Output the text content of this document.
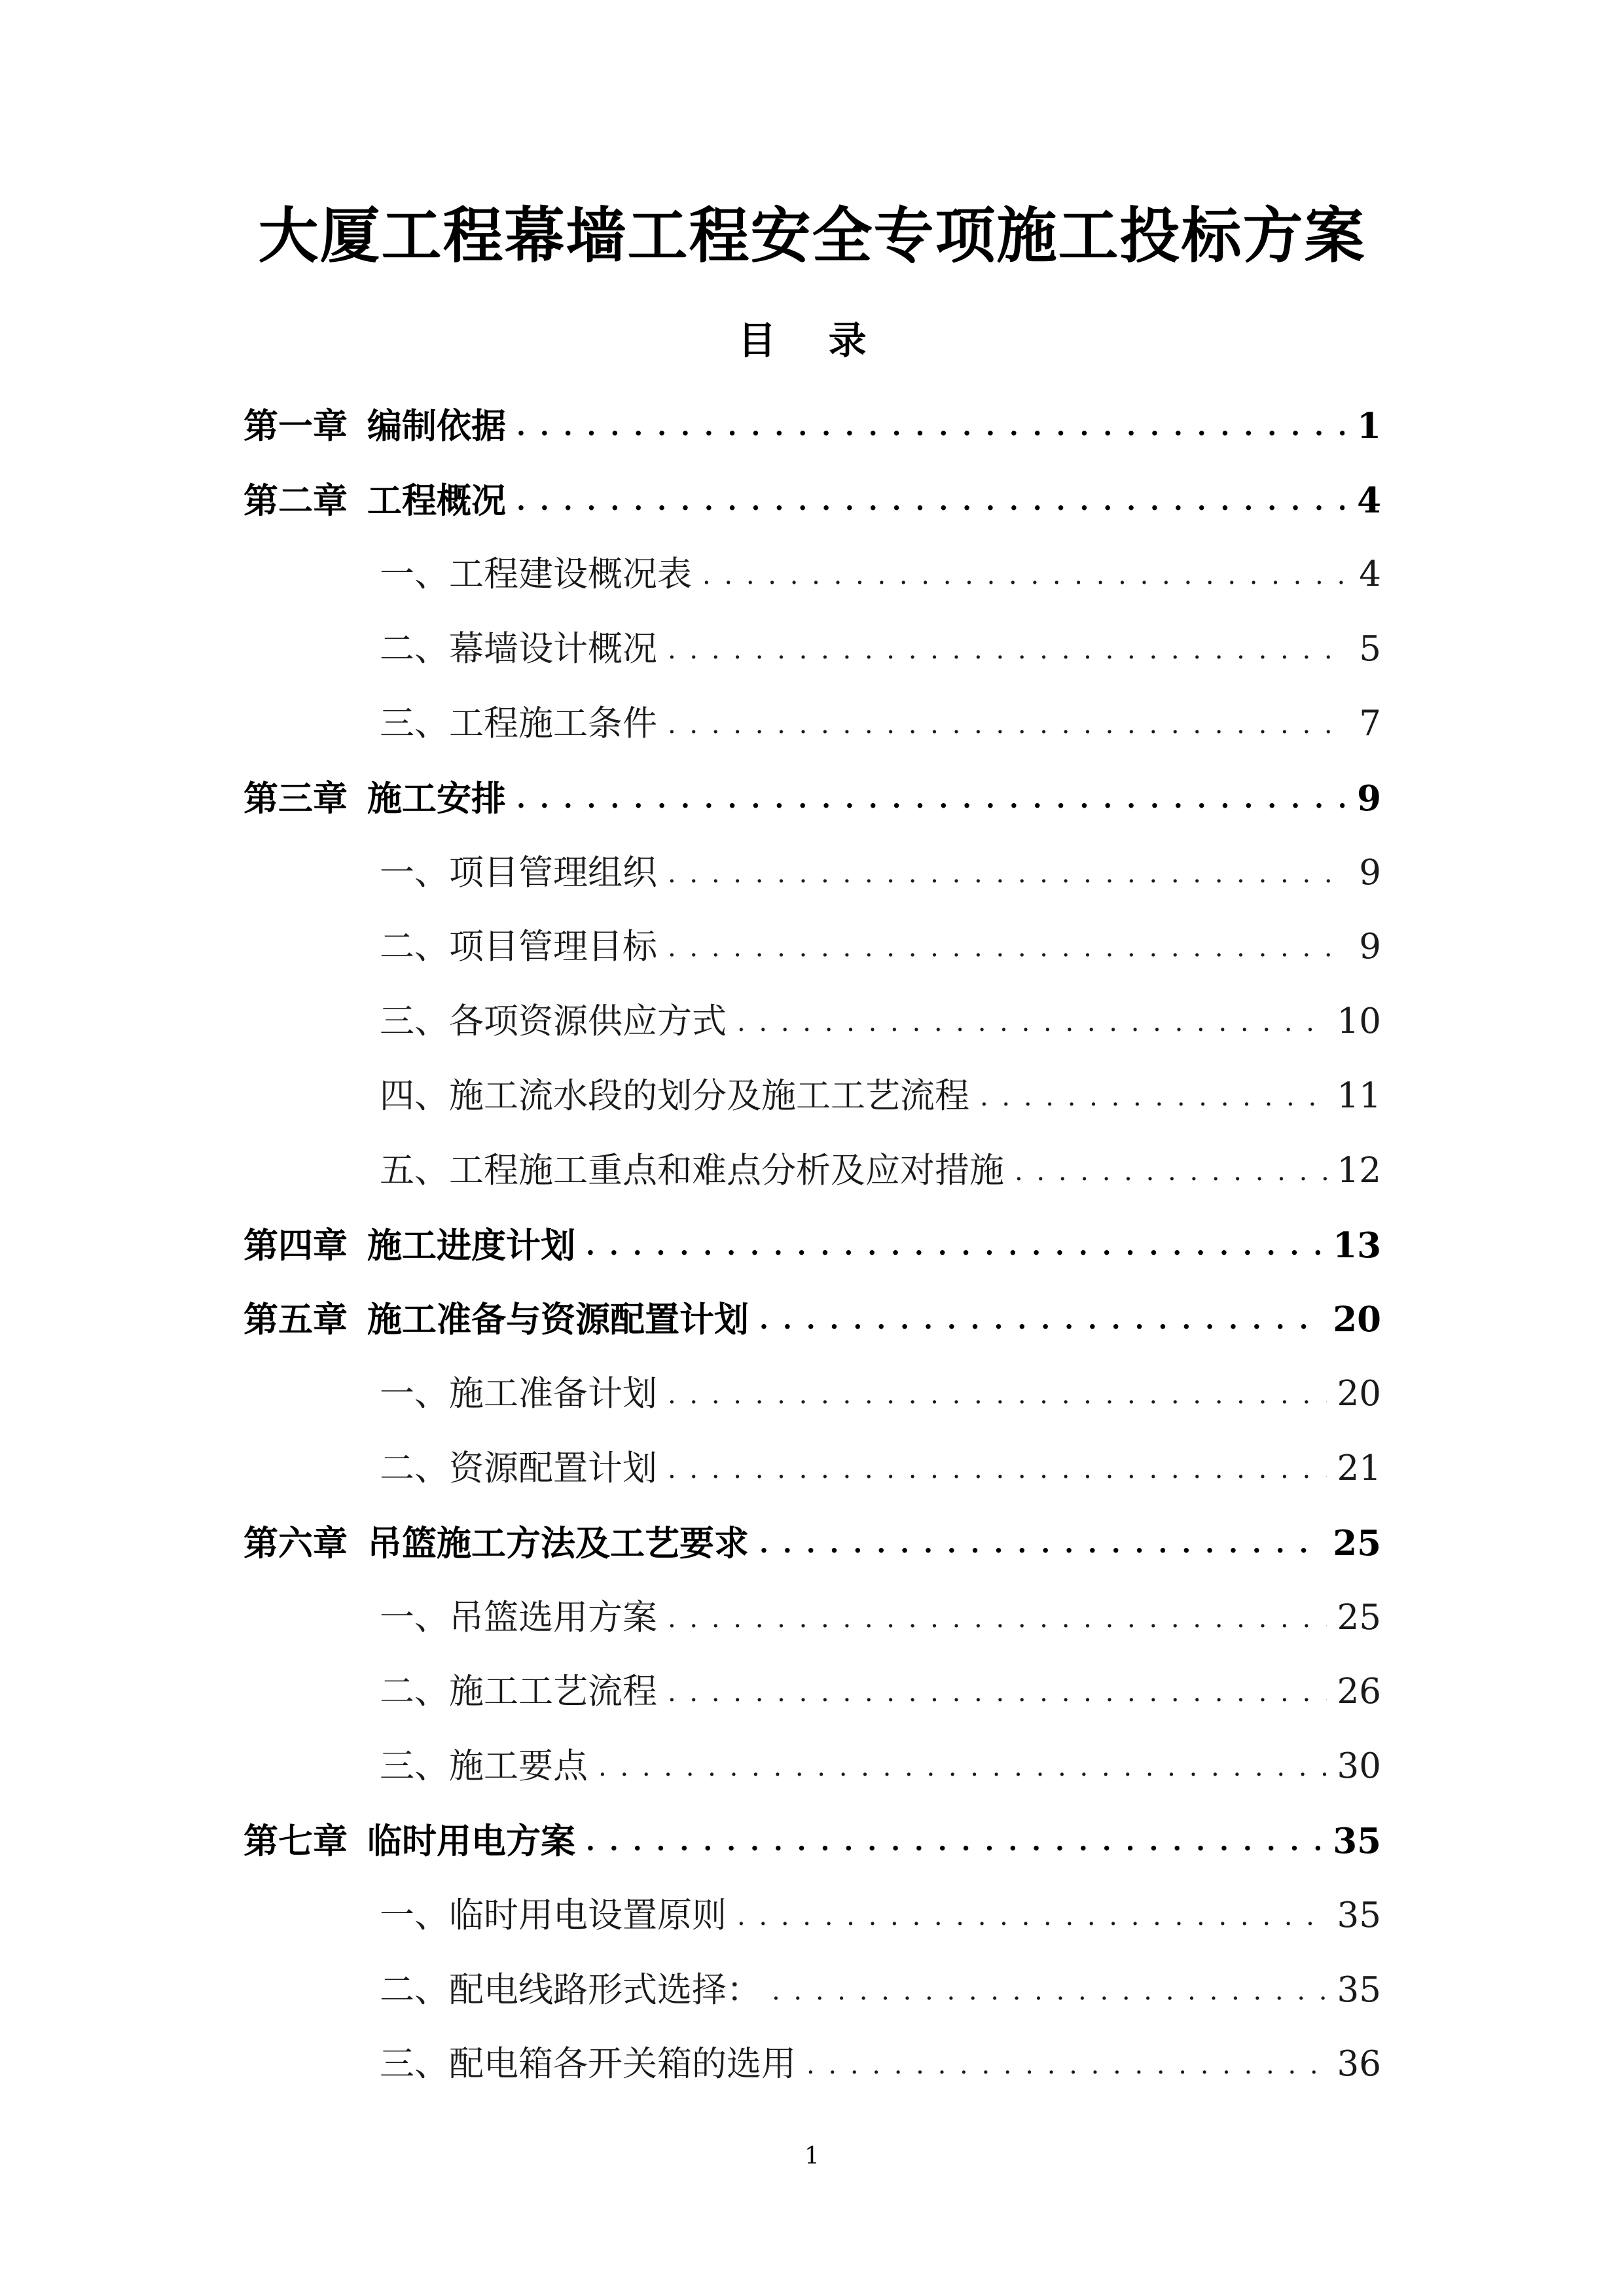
大厦工程幕墙工程安全专项施工投标方案
目 录
第一章 编制依据 . . .	1
第二章 工程概况 . . .	4
一、工程建设概况表 . . .	4
二、幕墙设计概况 . . .	5
三、工程施工条件 . . .	7
第三章 施工安排 . . .	9
一、项目管理组织 . . .	9
二、项目管理目标 . . .	9
三、各项资源供应方式 . . .	10
四、施工流水段的划分及施工工艺流程 . . .	11
五、工程施工重点和难点分析及应对措施 . . .	12
第四章 施工进度计划 . . .	13
第五章 施工准备与资源配置计划 . . .	20
一、施工准备计划 . . .	20
二、资源配置计划 . . .	21
第六章 吊篮施工方法及工艺要求 . . .	25
一、吊篮选用方案 . . .	25
二、施工工艺流程 . . .	26
三、施工要点 . . .	30
第七章 临时用电方案 . . .	35
一、临时用电设置原则 . . .	35
二、配电线路形式选择： . . .	35
三、配电箱各开关箱的选用 . . .	36
1
